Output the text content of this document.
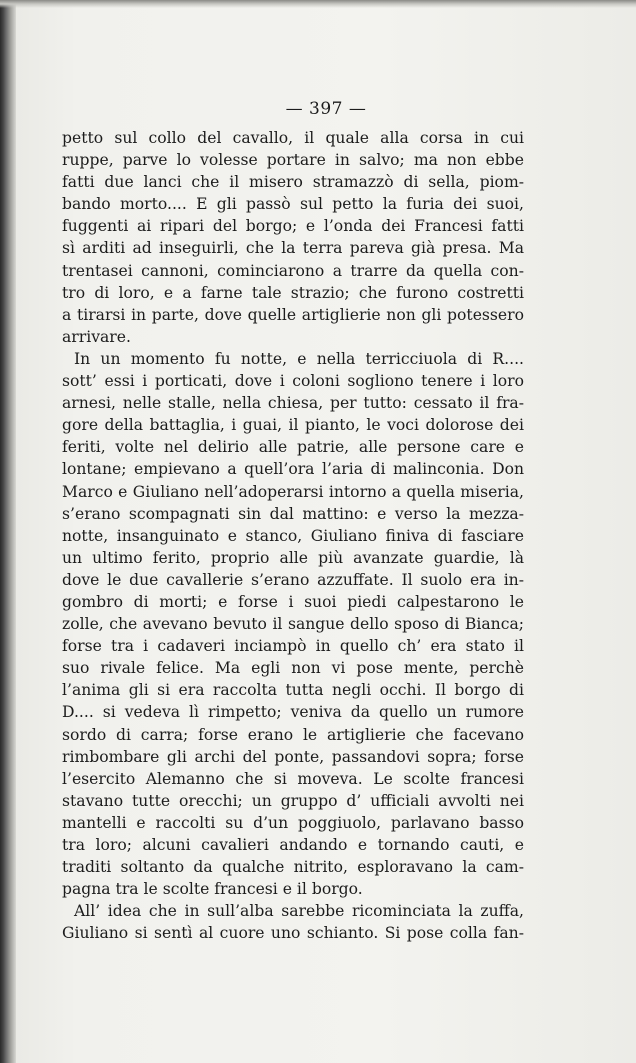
— 397 —
petto sul collo del cavallo, il quale alla corsa in cui
ruppe, parve lo volesse portare in salvo; ma non ebbe
fatti due lanci che il misero stramazzò di sella, piom-
bando morto.... E gli passò sul petto la furia dei suoi,
fuggenti ai ripari del borgo; e l’onda dei Francesi fatti
sì arditi ad inseguirli, che la terra pareva già presa. Ma
trentasei cannoni, cominciarono a trarre da quella con-
tro di loro, e a farne tale strazio; che furono costretti
a tirarsi in parte, dove quelle artiglierie non gli potessero
arrivare.
In un momento fu notte, e nella terricciuola di R....
sott’ essi i porticati, dove i coloni sogliono tenere i loro
arnesi, nelle stalle, nella chiesa, per tutto: cessato il fra-
gore della battaglia, i guai, il pianto, le voci dolorose dei
feriti, volte nel delirio alle patrie, alle persone care e
lontane; empievano a quell’ora l’aria di malinconia. Don
Marco e Giuliano nell’adoperarsi intorno a quella miseria,
s’erano scompagnati sin dal mattino: e verso la mezza-
notte, insanguinato e stanco, Giuliano finiva di fasciare
un ultimo ferito, proprio alle più avanzate guardie, là
dove le due cavallerie s’erano azzuffate. Il suolo era in-
gombro di morti; e forse i suoi piedi calpestarono le
zolle, che avevano bevuto il sangue dello sposo di Bianca;
forse tra i cadaveri inciampò in quello ch’ era stato il
suo rivale felice. Ma egli non vi pose mente, perchè
l’anima gli si era raccolta tutta negli occhi. Il borgo di
D.... si vedeva lì rimpetto; veniva da quello un rumore
sordo di carra; forse erano le artiglierie che facevano
rimbombare gli archi del ponte, passandovi sopra; forse
l’esercito Alemanno che si moveva. Le scolte francesi
stavano tutte orecchi; un gruppo d’ ufficiali avvolti nei
mantelli e raccolti su d’un poggiuolo, parlavano basso
tra loro; alcuni cavalieri andando e tornando cauti, e
traditi soltanto da qualche nitrito, esploravano la cam-
pagna tra le scolte francesi e il borgo.
All’ idea che in sull’alba sarebbe ricominciata la zuffa,
Giuliano si sentì al cuore uno schianto. Si pose colla fan-
